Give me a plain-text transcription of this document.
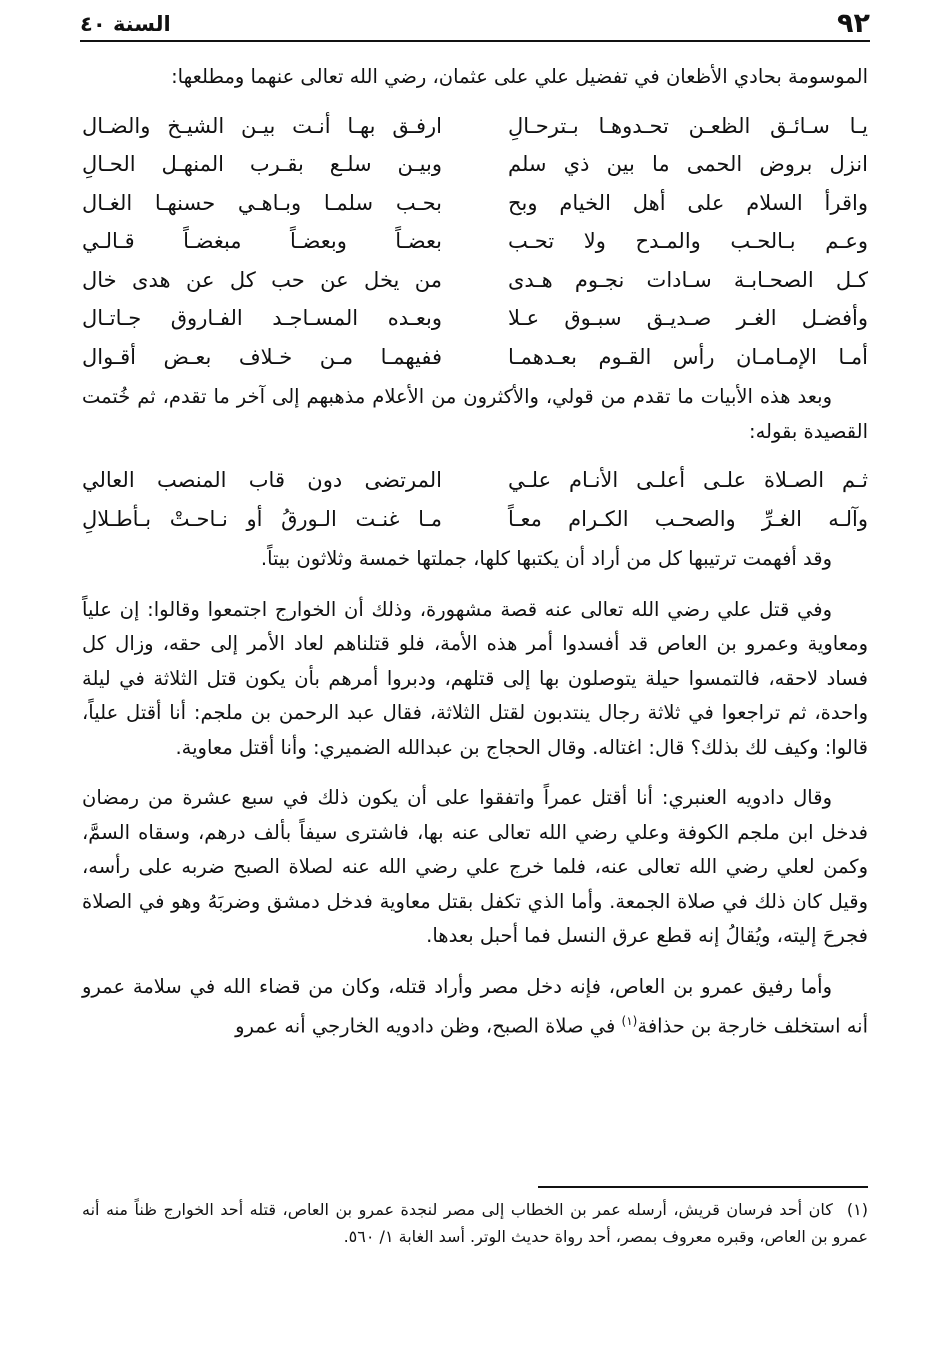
٩٢
السنة ٤٠

الموسومة بحادي الأظعان في تفضيل علي على عثمان، رضي الله تعالى عنهما ومطلعها:

يـا سـائـق الظعـن تحـدوهـا بـترحـالِ
ارفـق بهـا أنـت بيـن الشيـخ والضـال
انزل بروض الحمى ما بين ذي سلم
وبيـن سلـع بقـرب المنهـل الحـالِ
واقرأ السلام على أهل الخيام وبح
بحـب سلمـا وبـاهـي حسنهـا الغـال
وعـم بـالحـب والمـدح ولا تحـب
بعضـاً وبعضـاً مبغضـاً قـالـي
كـل الصحـابـة سـادات نجـوم هـدى
من يخل عن حب كل عن هدى خال
وأفضـل الغـر صـديـق سبـوق عـلا
وبعـده المسـاجـد الفـاروق جـاتـال
أمـا الإمـامـان رأس القـوم بعـدهمـا
ففيهمـا مـن خـلاف بعـض أقـوال

وبعد هذه الأبيات ما تقدم من قولي، والأكثرون من الأعلام مذهبهم إلى آخر ما تقدم، ثم خُتمت القصيدة بقوله:

ثـم الصـلاة علـى أعلـى الأنـام علـي
المرتضى دون قاب المنصب العالي
وآلـه الغـرِّ والصحـب الكـرام معـاً
مـا غنـت الـورقُ أو نـاحـتْ بـأطـلالِ

وقد أفهمت ترتيبها كل من أراد أن يكتبها كلها، جملتها خمسة وثلاثون بيتاً.

وفي قتل علي رضي الله تعالى عنه قصة مشهورة، وذلك أن الخوارج اجتمعوا وقالوا: إن علياً ومعاوية وعمرو بن العاص قد أفسدوا أمر هذه الأمة، فلو قتلناهم لعاد الأمر إلى حقه، وزال كل فساد لاحقه، فالتمسوا حيلة يتوصلون بها إلى قتلهم، ودبروا أمرهم بأن يكون قتل الثلاثة في ليلة واحدة، ثم تراجعوا في ثلاثة رجال ينتدبون لقتل الثلاثة، فقال عبد الرحمن بن ملجم: أنا أقتل علياً، قالوا: وكيف لك بذلك؟ قال: اغتاله. وقال الحجاج بن عبدالله الضميري: وأنا أقتل معاوية.

وقال دادويه العنبري: أنا أقتل عمراً واتفقوا على أن يكون ذلك في سبع عشرة من رمضان فدخل ابن ملجم الكوفة وعلي رضي الله تعالى عنه بها، فاشترى سيفاً بألف درهم، وسقاه السمَّ، وكمن لعلي رضي الله تعالى عنه، فلما خرج علي رضي الله عنه لصلاة الصبح ضربه على رأسه، وقيل كان ذلك في صلاة الجمعة. وأما الذي تكفل بقتل معاوية فدخل دمشق وضربَهُ وهو في الصلاة فجرحَ إليته، ويُقالُ إنه قطع عرق النسل فما أحبل بعدها.

وأما رفيق عمرو بن العاص، فإنه دخل مصر وأراد قتله، وكان من قضاء الله في سلامة عمرو أنه استخلف خارجة بن حذافة$^{(١)}$ في صلاة الصبح، وظن دادويه الخارجي أنه عمرو

(١)كان أحد فرسان قريش، أرسله عمر بن الخطاب إلى مصر لنجدة عمرو بن العاص، قتله أحد الخوارج ظناً منه أنه عمرو بن العاص، وقبره معروف بمصر، أحد رواة حديث الوتر. أسد الغابة ١/ ٥٦٠.
